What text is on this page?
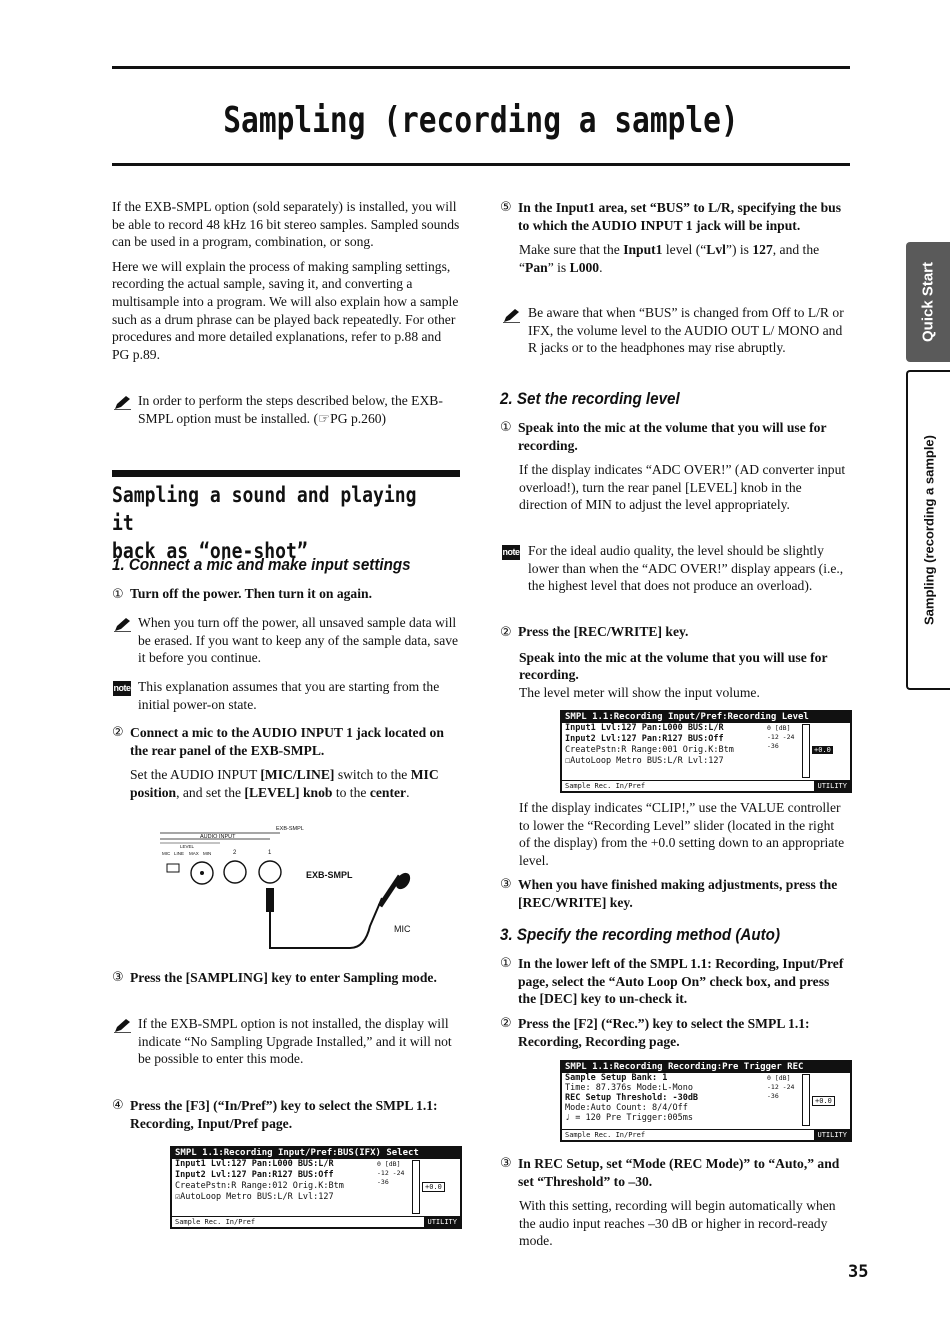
Sampling (recording a sample)
Quick Start
Sampling (recording a sample)

If the EXB-SMPL option (sold separately) is installed, you will be able to record 48 kHz 16 bit stereo samples. Sampled sounds can be used in a program, combination, or song.

Here we will explain the process of making sampling settings, recording the actual sample, saving it, and converting a multisample into a program. We will also explain how a sample such as a drum phrase can be played back repeatedly. For other procedures and more detailed explanations, refer to p.88 and PG p.89.

In order to perform the steps described below, the EXB-SMPL option must be installed. (☞PG p.260)

Sampling a sound and playing it
back as “one-shot”
1. Connect a mic and make input settings

① Turn off the power. Then turn it on again.

When you turn off the power, all unsaved sample data will be erased. If you want to keep any of the sample data, save it before you continue.

note This explanation assumes that you are starting from the initial power-on state.

② Connect a mic to the AUDIO INPUT 1 jack located on the rear panel of the EXB-SMPL.

Set the AUDIO INPUT [MIC/LINE] switch to the MIC position, and set the [LEVEL] knob to the center.

EXB-SMPL
AUDIO INPUT
LEVEL
MIC LINE MAX MIN	2	1
EXB-SMPL
MIC

③ Press the [SAMPLING] key to enter Sampling mode.

If the EXB-SMPL option is not installed, the display will indicate “No Sampling Upgrade Installed,” and it will not be possible to enter this mode.

④ Press the [F3] (“In/Pref”) key to select the SMPL 1.1: Recording, Input/Pref page.

SMPL 1.1:Recording Input/Pref:BUS(IFX) Select
Input1 Lvl:127 Pan:L000 BUS:L/R
Input2 Lvl:127 Pan:R127 BUS:Off
CreatePstn:R Range:012 Orig.K:Btm
☑AutoLoop Metro BUS:L/R Lvl:127
0 [dB] -12 -24 -36
+0.0
Sample Rec. In/Pref	UTILITY

⑤ In the Input1 area, set “BUS” to L/R, specifying the bus to which the AUDIO INPUT 1 jack will be input.

Make sure that the Input1 level (“Lvl”) is 127, and the “Pan” is L000.

Be aware that when “BUS” is changed from Off to L/R or IFX, the volume level to the AUDIO OUT L/ MONO and R jacks or to the headphones may rise abruptly.

2. Set the recording level

① Speak into the mic at the volume that you will use for recording.

If the display indicates “ADC OVER!” (AD converter input overload!), turn the rear panel [LEVEL] knob in the direction of MIN to adjust the level appropriately.

note For the ideal audio quality, the level should be slightly lower than when the “ADC OVER!” display appears (i.e., the highest level that does not produce an overload).

② Press the [REC/WRITE] key.

Speak into the mic at the volume that you will use for recording.

The level meter will show the input volume.

SMPL 1.1:Recording Input/Pref:Recording Level
Input1 Lvl:127 Pan:L000 BUS:L/R
Input2 Lvl:127 Pan:R127 BUS:Off
CreatePstn:R Range:001 Orig.K:Btm
☐AutoLoop Metro BUS:L/R Lvl:127
0 [dB] -12 -24 -36	+0.0
Sample Rec. In/Pref	UTILITY

If the display indicates “CLIP!,” use the VALUE controller to lower the “Recording Level” slider (located in the right of the display) from the +0.0 setting down to an appropriate level.

③ When you have finished making adjustments, press the [REC/WRITE] key.

3. Specify the recording method (Auto)

① In the lower left of the SMPL 1.1: Recording, Input/Pref page, select the “Auto Loop On” check box, and press the [DEC] key to un-check it.

② Press the [F2] (“Rec.”) key to select the SMPL 1.1: Recording, Recording page.

SMPL 1.1:Recording Recording:Pre Trigger REC
Sample Setup Bank: 1
Time: 87.376s Mode:L-Mono
REC Setup Threshold: -30dB
Mode:Auto Count: 8/4/Off
♩ = 120 Pre Trigger:005ms
0 [dB] -12 -24 -36
+0.0
Sample Rec. In/Pref	UTILITY

③ In REC Setup, set “Mode (REC Mode)” to “Auto,” and set “Threshold” to –30.

With this setting, recording will begin automatically when the audio input reaches –30 dB or higher in record-ready mode.

35
